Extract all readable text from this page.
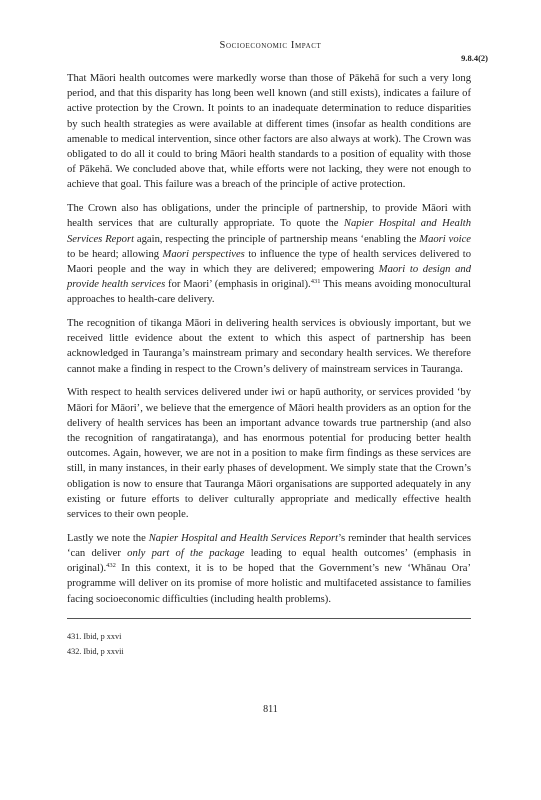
Socioeconomic Impact
9.8.4(2)

That Māori health outcomes were markedly worse than those of Pākehā for such a very long period, and that this disparity has long been well known (and still exists), indicates a failure of active protection by the Crown. It points to an inadequate determination to reduce disparities by such health strategies as were available at different times (insofar as health conditions are amenable to medical intervention, since other factors are also always at work). The Crown was obligated to do all it could to bring Māori health standards to a position of equality with those of Pākehā. We concluded above that, while efforts were not lacking, they were not enough to achieve that goal. This failure was a breach of the principle of active protection.

The Crown also has obligations, under the principle of partnership, to provide Māori with health services that are culturally appropriate. To quote the Napier Hospital and Health Services Report again, respecting the principle of partnership means ‘enabling the Maori voice to be heard; allowing Maori perspectives to influence the type of health services delivered to Maori people and the way in which they are delivered; empowering Maori to design and provide health services for Maori’ (emphasis in original).$^{431}$ This means avoiding monocultural approaches to health-care delivery.

The recognition of tikanga Māori in delivering health services is obviously important, but we received little evidence about the extent to which this aspect of partnership has been acknowledged in Tauranga’s mainstream primary and secondary health services. We therefore cannot make a finding in respect to the Crown’s delivery of mainstream services in Tauranga.

With respect to health services delivered under iwi or hapū authority, or services provided ‘by Māori for Māori’, we believe that the emergence of Māori health providers as an option for the delivery of health services has been an important advance towards true partnership (and also the recognition of rangatiratanga), and has enormous potential for producing better health outcomes. Again, however, we are not in a position to make firm findings as these services are still, in many instances, in their early phases of development. We simply state that the Crown’s obligation is now to ensure that Tauranga Māori organisations are supported adequately in any existing or future efforts to deliver culturally appropriate and medically effective health services to their own people.

Lastly we note the Napier Hospital and Health Services Report’s reminder that health services ‘can deliver only part of the package leading to equal health outcomes’ (emphasis in original).$^{432}$ In this context, it is to be hoped that the Government’s new ‘Whānau Ora’ programme will deliver on its promise of more holistic and multifaceted assistance to families facing socioeconomic difficulties (including health problems).

431. Ibid, p xxvi
432. Ibid, p xxvii
811
